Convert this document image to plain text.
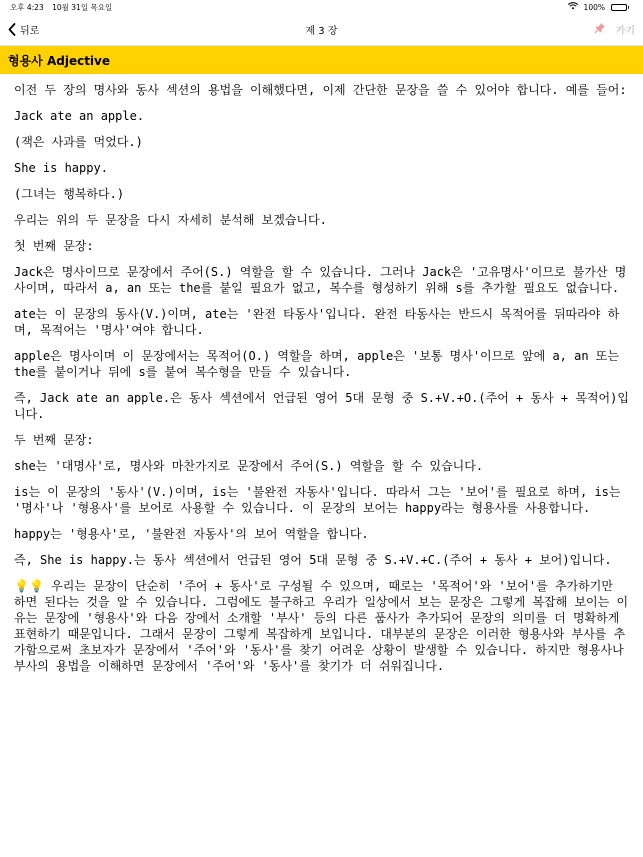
오후 4:23 10월 31일 목요일	100%
뒤로	제 3 장	가기
형용사 Adjective

이전 두 장의 명사와 동사 섹션의 용법을 이해했다면, 이제 간단한 문장을 쓸 수 있어야 합니다. 예를 들어:

Jack ate an apple.

(잭은 사과를 먹었다.)

She is happy.

(그녀는 행복하다.)

우리는 위의 두 문장을 다시 자세히 분석해 보겠습니다.

첫 번째 문장:

Jack은 명사이므로 문장에서 주어(S.) 역할을 할 수 있습니다. 그러나 Jack은 '고유명사'이므로 불가산 명사이며, 따라서 a, an 또는 the를 붙일 필요가 없고, 복수를 형성하기 위해 s를 추가할 필요도 없습니다.

ate는 이 문장의 동사(V.)이며, ate는 '완전 타동사'입니다. 완전 타동사는 반드시 목적어를 뒤따라야 하며, 목적어는 '명사'여야 합니다.

apple은 명사이며 이 문장에서는 목적어(O.) 역할을 하며, apple은 '보통 명사'이므로 앞에 a, an 또는 the를 붙이거나 뒤에 s를 붙여 복수형을 만들 수 있습니다.

즉, Jack ate an apple.은 동사 섹션에서 언급된 영어 5대 문형 중 S.+V.+O.(주어 + 동사 + 목적어)입니다.

두 번째 문장:

she는 '대명사'로, 명사와 마찬가지로 문장에서 주어(S.) 역할을 할 수 있습니다.

is는 이 문장의 '동사'(V.)이며, is는 '불완전 자동사'입니다. 따라서 그는 '보어'를 필요로 하며, is는 '명사'나 '형용사'를 보어로 사용할 수 있습니다. 이 문장의 보어는 happy라는 형용사를 사용합니다.

happy는 '형용사'로, '불완전 자동사'의 보어 역할을 합니다.

즉, She is happy.는 동사 섹션에서 언급된 영어 5대 문형 중 S.+V.+C.(주어 + 동사 + 보어)입니다.

💡💡 우리는 문장이 단순히 '주어 + 동사'로 구성될 수 있으며, 때로는 '목적어'와 '보어'를 추가하기만 하면 된다는 것을 알 수 있습니다. 그럼에도 불구하고 우리가 일상에서 보는 문장은 그렇게 복잡해 보이는 이유는 문장에 '형용사'와 다음 장에서 소개할 '부사' 등의 다른 품사가 추가되어 문장의 의미를 더 명확하게 표현하기 때문입니다. 그래서 문장이 그렇게 복잡하게 보입니다. 대부분의 문장은 이러한 형용사와 부사를 추가함으로써 초보자가 문장에서 '주어'와 '동사'를 찾기 어려운 상황이 발생할 수 있습니다. 하지만 형용사나 부사의 용법을 이해하면 문장에서 '주어'와 '동사'를 찾기가 더 쉬워집니다.
